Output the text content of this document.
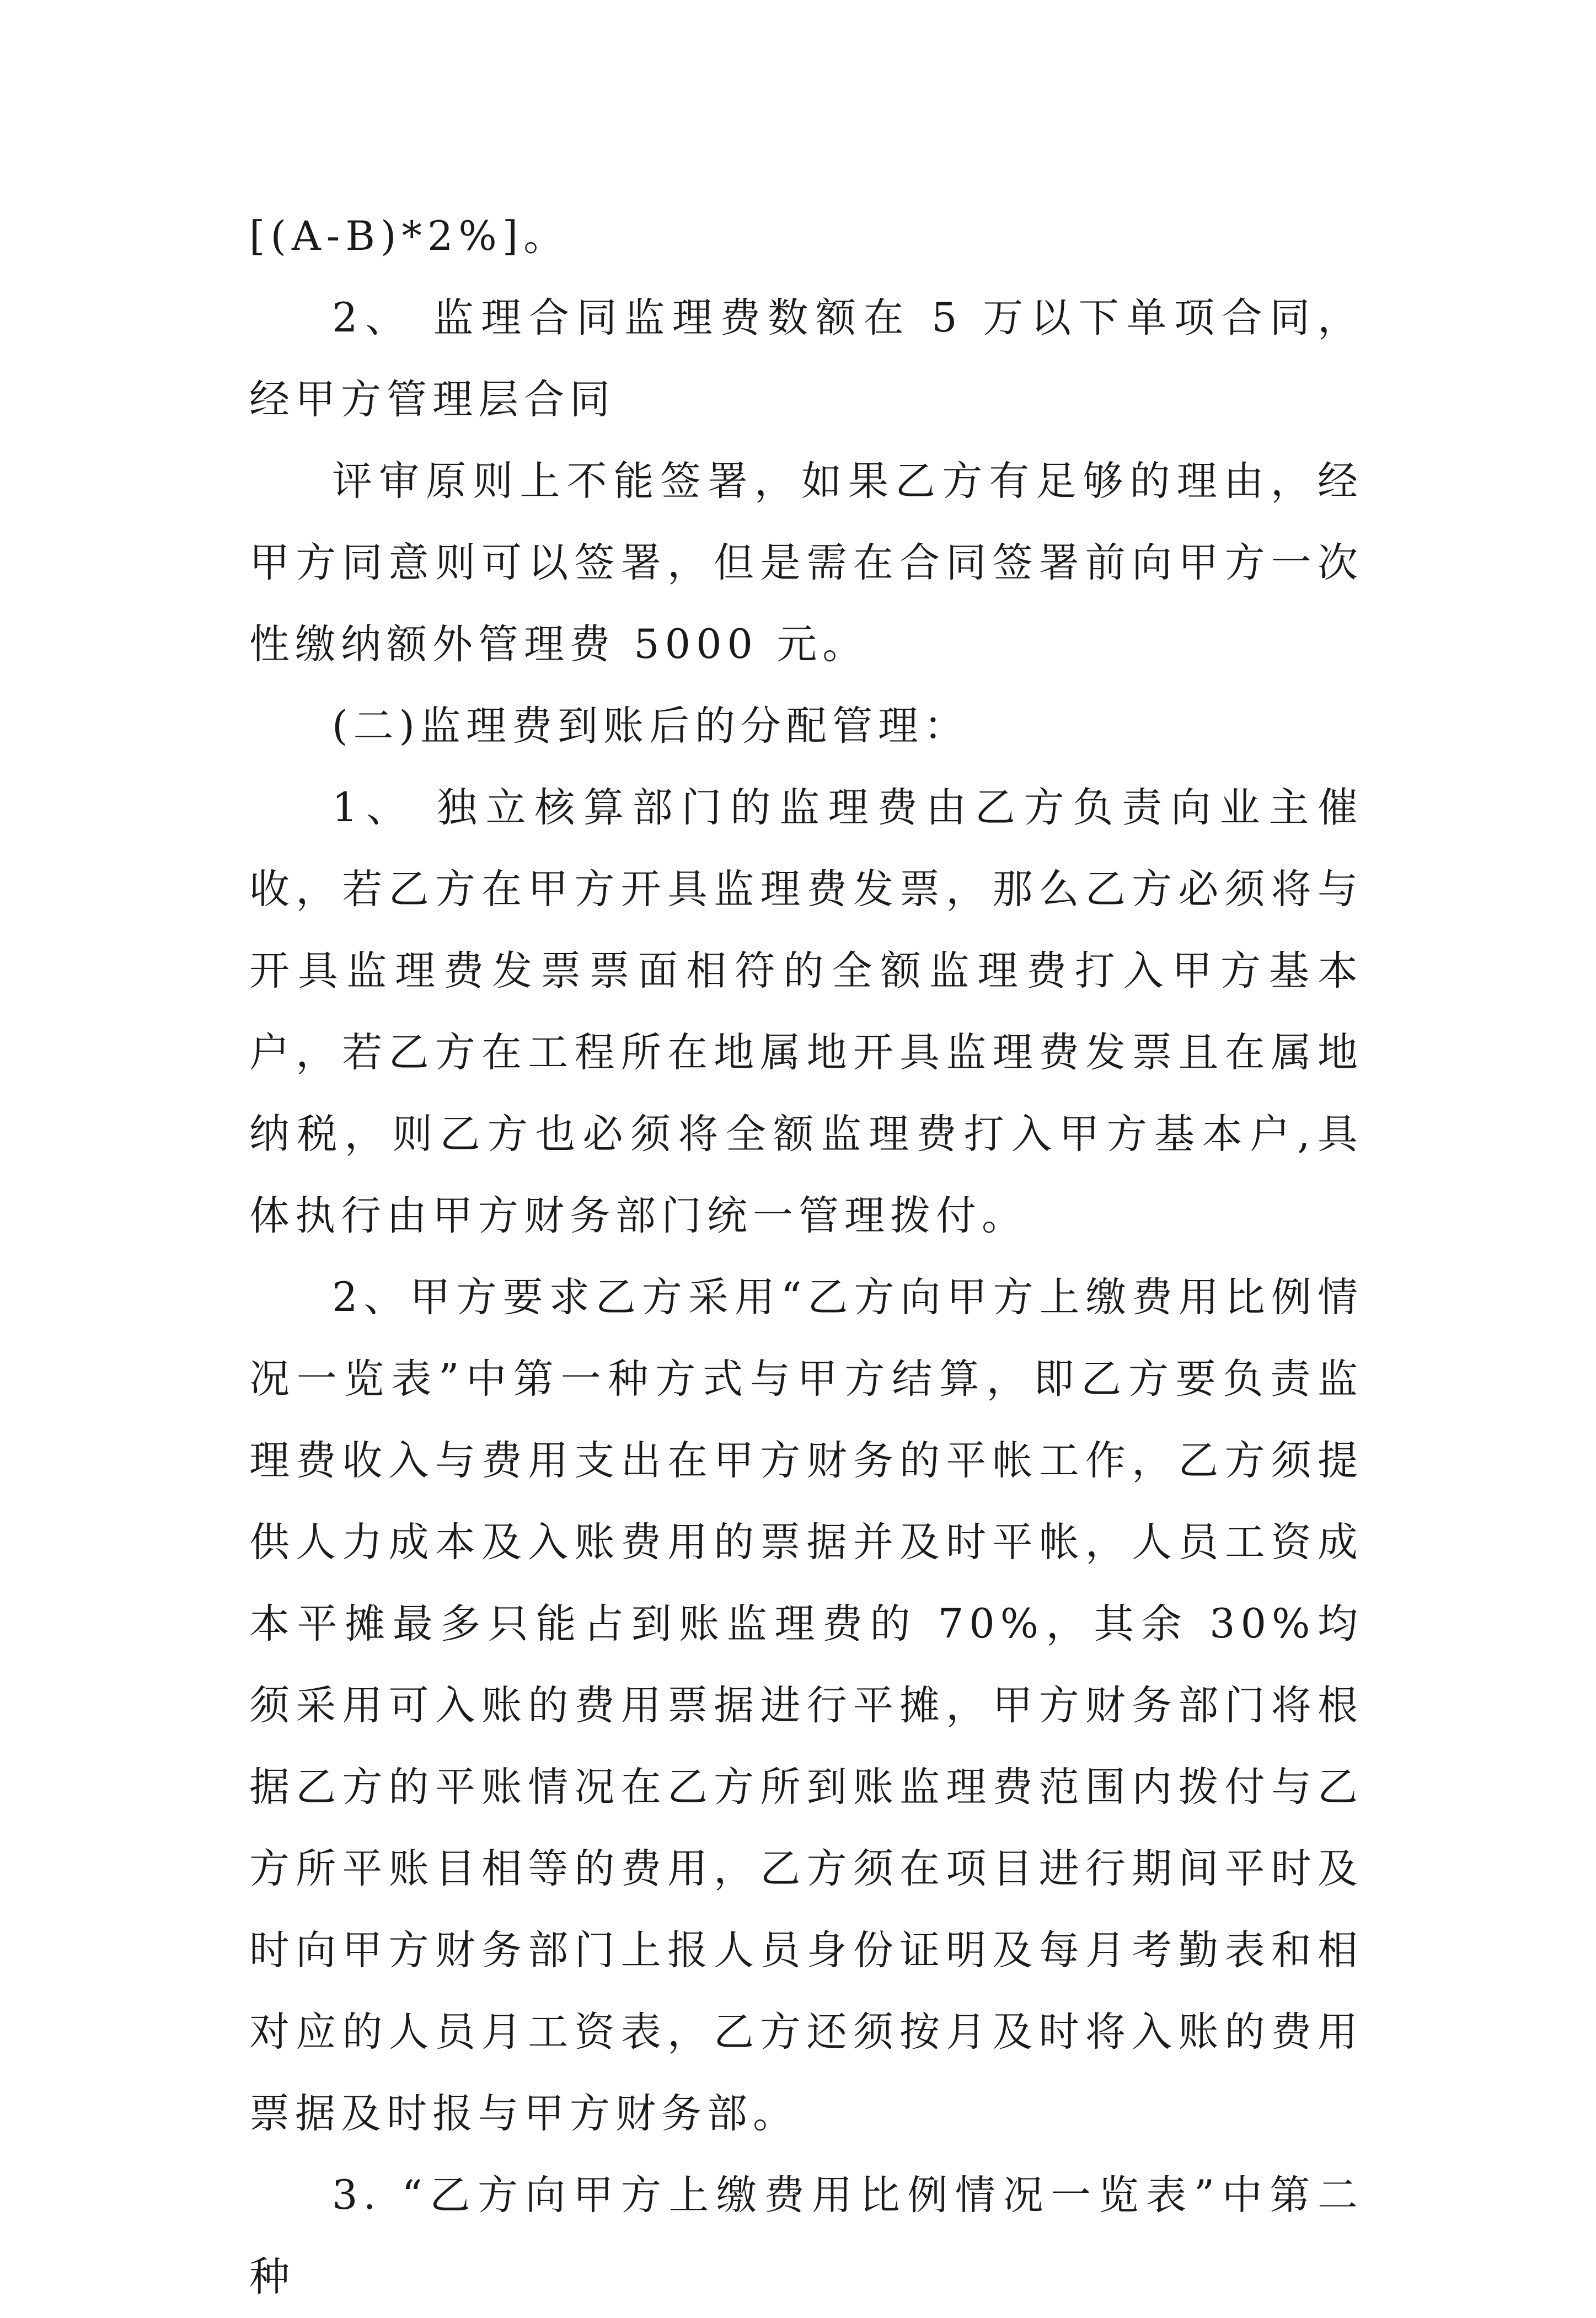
[(A-B)*2%]。

2、 监理合同监理费数额在 5 万以下单项合同，经甲方管理层合同

评审原则上不能签署，如果乙方有足够的理由，经甲方同意则可以签署，但是需在合同签署前向甲方一次性缴纳额外管理费 5000 元。

(二)监理费到账后的分配管理：

1、 独立核算部门的监理费由乙方负责向业主催收，若乙方在甲方开具监理费发票，那么乙方必须将与开具监理费发票票面相符的全额监理费打入甲方基本户，若乙方在工程所在地属地开具监理费发票且在属地纳税，则乙方也必须将全额监理费打入甲方基本户,具体执行由甲方财务部门统一管理拨付。

2、甲方要求乙方采用“乙方向甲方上缴费用比例情况一览表”中第一种方式与甲方结算，即乙方要负责监理费收入与费用支出在甲方财务的平帐工作，乙方须提供人力成本及入账费用的票据并及时平帐，人员工资成本平摊最多只能占到账监理费的 70%，其余 30%均须采用可入账的费用票据进行平摊，甲方财务部门将根据乙方的平账情况在乙方所到账监理费范围内拨付与乙方所平账目相等的费用，乙方须在项目进行期间平时及时向甲方财务部门上报人员身份证明及每月考勤表和相对应的人员月工资表，乙方还须按月及时将入账的费用票据及时报与甲方财务部。

3. “乙方向甲方上缴费用比例情况一览表”中第二种
